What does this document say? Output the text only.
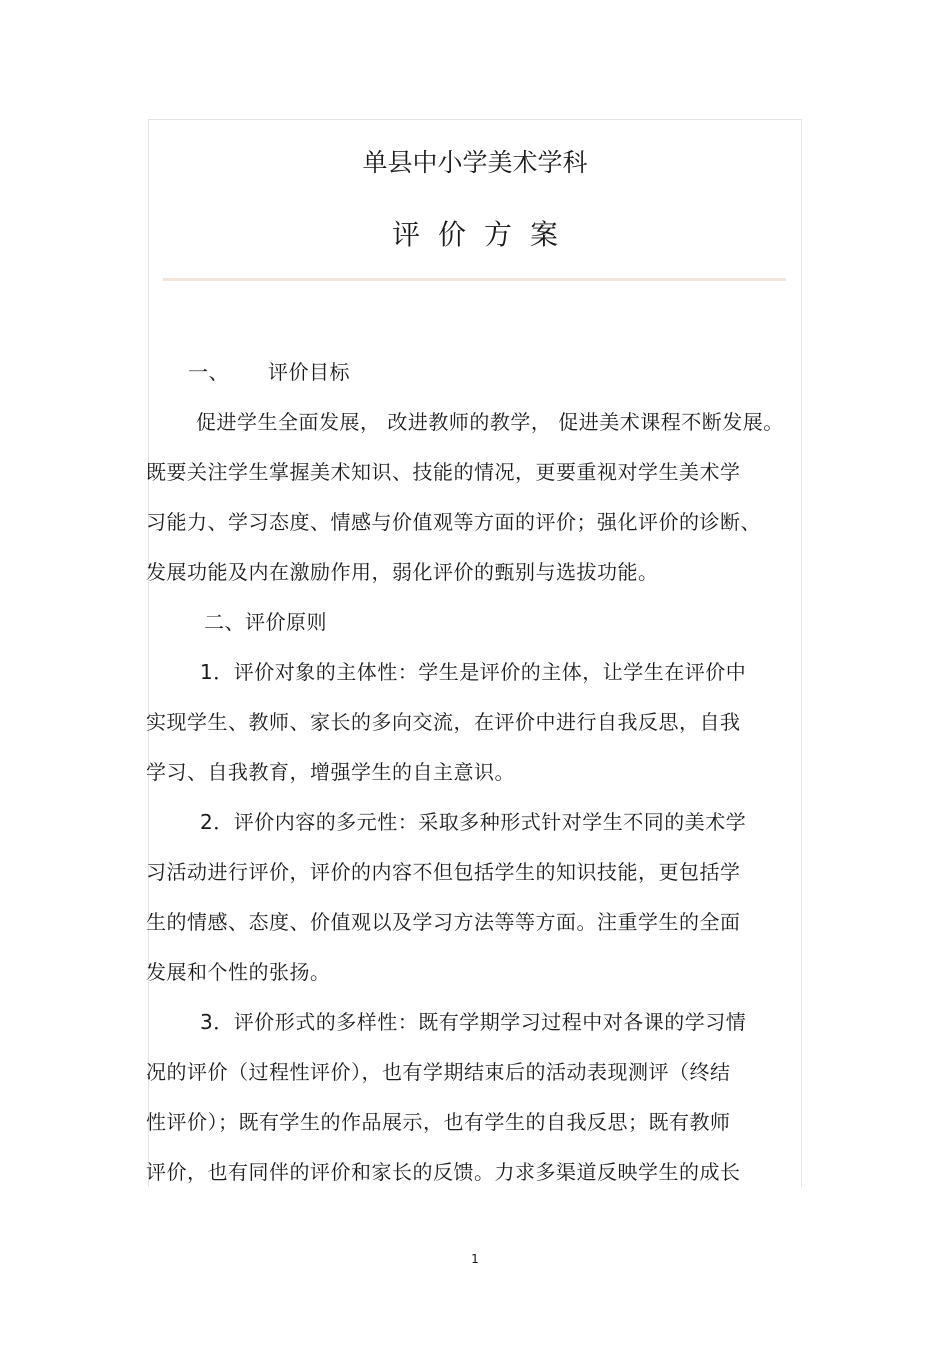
单县中小学美术学科
评价方案
一、 评价目标
促进学生全面发展， 改进教师的教学， 促进美术课程不断发展。
既要关注学生掌握美术知识、技能的情况，更要重视对学生美术学
习能力、学习态度、情感与价值观等方面的评价；强化评价的诊断、
发展功能及内在激励作用，弱化评价的甄别与选拔功能。
二、评价原则
1．评价对象的主体性：学生是评价的主体，让学生在评价中
实现学生、教师、家长的多向交流，在评价中进行自我反思，自我
学习、自我教育，增强学生的自主意识。
2．评价内容的多元性：采取多种形式针对学生不同的美术学
习活动进行评价，评价的内容不但包括学生的知识技能，更包括学
生的情感、态度、价值观以及学习方法等等方面。注重学生的全面
发展和个性的张扬。
3．评价形式的多样性：既有学期学习过程中对各课的学习情
况的评价（过程性评价），也有学期结束后的活动表现测评（终结
性评价）；既有学生的作品展示，也有学生的自我反思；既有教师
评价，也有同伴的评价和家长的反馈。力求多渠道反映学生的成长
1
